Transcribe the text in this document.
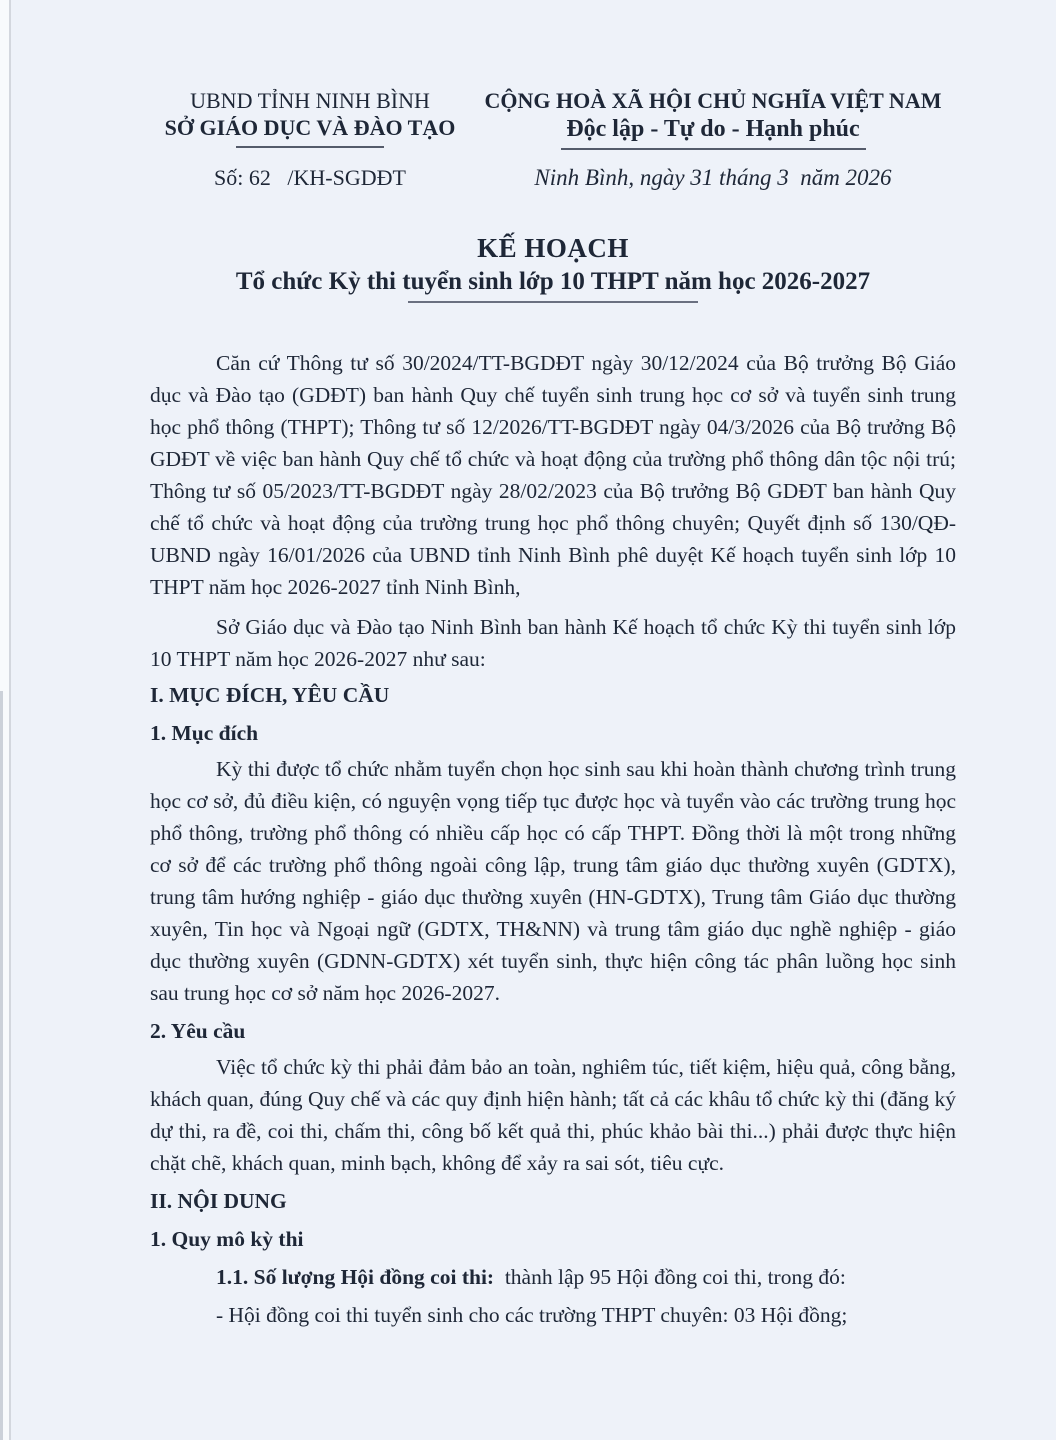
UBND TỈNH NINH BÌNH
SỞ GIÁO DỤC VÀ ĐÀO TẠO
Số: 62   /KH-SGDĐT
CỘNG HOÀ XÃ HỘI CHỦ NGHĨA VIỆT NAM
Độc lập - Tự do - Hạnh phúc
Ninh Bình, ngày 31 tháng 3  năm 2026
KẾ HOẠCH
Tổ chức Kỳ thi tuyển sinh lớp 10 THPT năm học 2026-2027

Căn cứ Thông tư số 30/2024/TT-BGDĐT ngày 30/12/2024 của Bộ trưởng Bộ Giáo dục và Đào tạo (GDĐT) ban hành Quy chế tuyển sinh trung học cơ sở và tuyển sinh trung học phổ thông (THPT); Thông tư số 12/2026/TT-BGDĐT ngày 04/3/2026 của Bộ trưởng Bộ GDĐT về việc ban hành Quy chế tổ chức và hoạt động của trường phổ thông dân tộc nội trú; Thông tư số 05/2023/TT-BGDĐT ngày 28/02/2023 của Bộ trưởng Bộ GDĐT ban hành Quy chế tổ chức và hoạt động của trường trung học phổ thông chuyên; Quyết định số 130/QĐ-UBND ngày 16/01/2026 của UBND tỉnh Ninh Bình phê duyệt Kế hoạch tuyển sinh lớp 10 THPT năm học 2026-2027 tỉnh Ninh Bình,

Sở Giáo dục và Đào tạo Ninh Bình ban hành Kế hoạch tổ chức Kỳ thi tuyển sinh lớp 10 THPT năm học 2026-2027 như sau:

I. MỤC ĐÍCH, YÊU CẦU

1. Mục đích

Kỳ thi được tổ chức nhằm tuyển chọn học sinh sau khi hoàn thành chương trình trung học cơ sở, đủ điều kiện, có nguyện vọng tiếp tục được học và tuyển vào các trường trung học phổ thông, trường phổ thông có nhiều cấp học có cấp THPT. Đồng thời là một trong những cơ sở để các trường phổ thông ngoài công lập, trung tâm giáo dục thường xuyên (GDTX), trung tâm hướng nghiệp - giáo dục thường xuyên (HN-GDTX), Trung tâm Giáo dục thường xuyên, Tin học và Ngoại ngữ (GDTX, TH&NN) và trung tâm giáo dục nghề nghiệp - giáo dục thường xuyên (GDNN-GDTX) xét tuyển sinh, thực hiện công tác phân luồng học sinh sau trung học cơ sở năm học 2026-2027.

2. Yêu cầu

Việc tổ chức kỳ thi phải đảm bảo an toàn, nghiêm túc, tiết kiệm, hiệu quả, công bằng, khách quan, đúng Quy chế và các quy định hiện hành; tất cả các khâu tổ chức kỳ thi (đăng ký dự thi, ra đề, coi thi, chấm thi, công bố kết quả thi, phúc khảo bài thi...) phải được thực hiện chặt chẽ, khách quan, minh bạch, không để xảy ra sai sót, tiêu cực.

II. NỘI DUNG

1. Quy mô kỳ thi

1.1. Số lượng Hội đồng coi thi:  thành lập 95 Hội đồng coi thi, trong đó:

- Hội đồng coi thi tuyển sinh cho các trường THPT chuyên: 03 Hội đồng;
